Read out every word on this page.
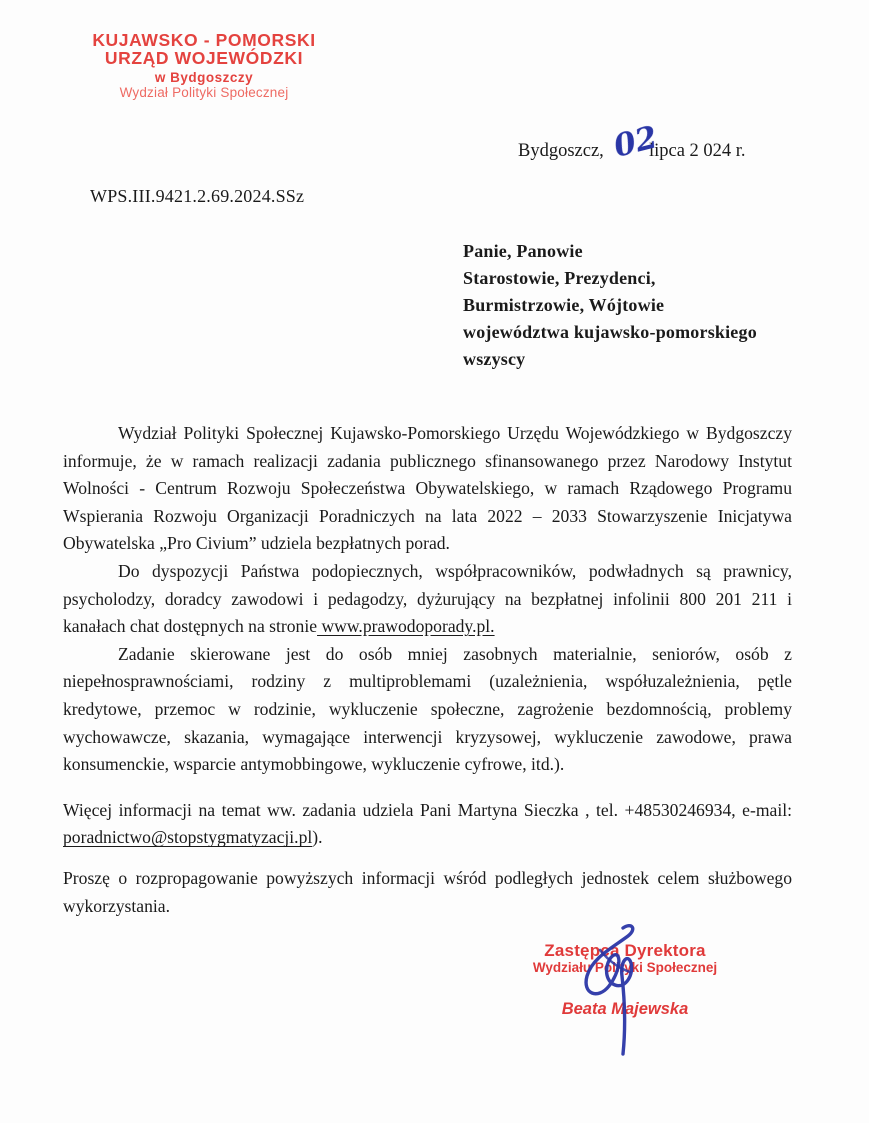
KUJAWSKO - POMORSKI
URZĄD WOJEWÓDZKI
w Bydgoszczy
Wydział Polityki Społecznej
Bydgoszcz, 02lipca 2 024 r.
WPS.III.9421.2.69.2024.SSz
Panie, Panowie
Starostowie, Prezydenci,
Burmistrzowie, Wójtowie
województwa kujawsko-pomorskiego
wszyscy

Wydział Polityki Społecznej Kujawsko-Pomorskiego Urzędu Wojewódzkiego w Bydgoszczy informuje, że w ramach realizacji zadania publicznego sfinansowanego przez Narodowy Instytut Wolności - Centrum Rozwoju Społeczeństwa Obywatelskiego, w ramach Rządowego Programu Wspierania Rozwoju Organizacji Poradniczych na lata 2022 – 2033 Stowarzyszenie Inicjatywa Obywatelska „Pro Civium” udziela bezpłatnych porad.

Do dyspozycji Państwa podopiecznych, współpracowników, podwładnych są prawnicy, psycholodzy, doradcy zawodowi i pedagodzy, dyżurujący na bezpłatnej infolinii 800 201 211 i kanałach chat dostępnych na stronie www.prawodoporady.pl.

Zadanie skierowane jest do osób mniej zasobnych materialnie, seniorów, osób z niepełnosprawnościami, rodziny z multiproblemami (uzależnienia, współuzależnienia, pętle kredytowe, przemoc w rodzinie, wykluczenie społeczne, zagrożenie bezdomnością, problemy wychowawcze, skazania, wymagające interwencji kryzysowej, wykluczenie zawodowe, prawa konsumenckie, wsparcie antymobbingowe, wykluczenie cyfrowe, itd.).

Więcej informacji na temat ww. zadania udziela Pani Martyna Sieczka , tel. +48530246934, e-mail: poradnictwo@stopstygmatyzacji.pl).

Proszę o rozpropagowanie powyższych informacji wśród podległych jednostek celem służbowego wykorzystania.

Zastępca Dyrektora
Wydziału Polityki Społecznej
Beata Majewska
